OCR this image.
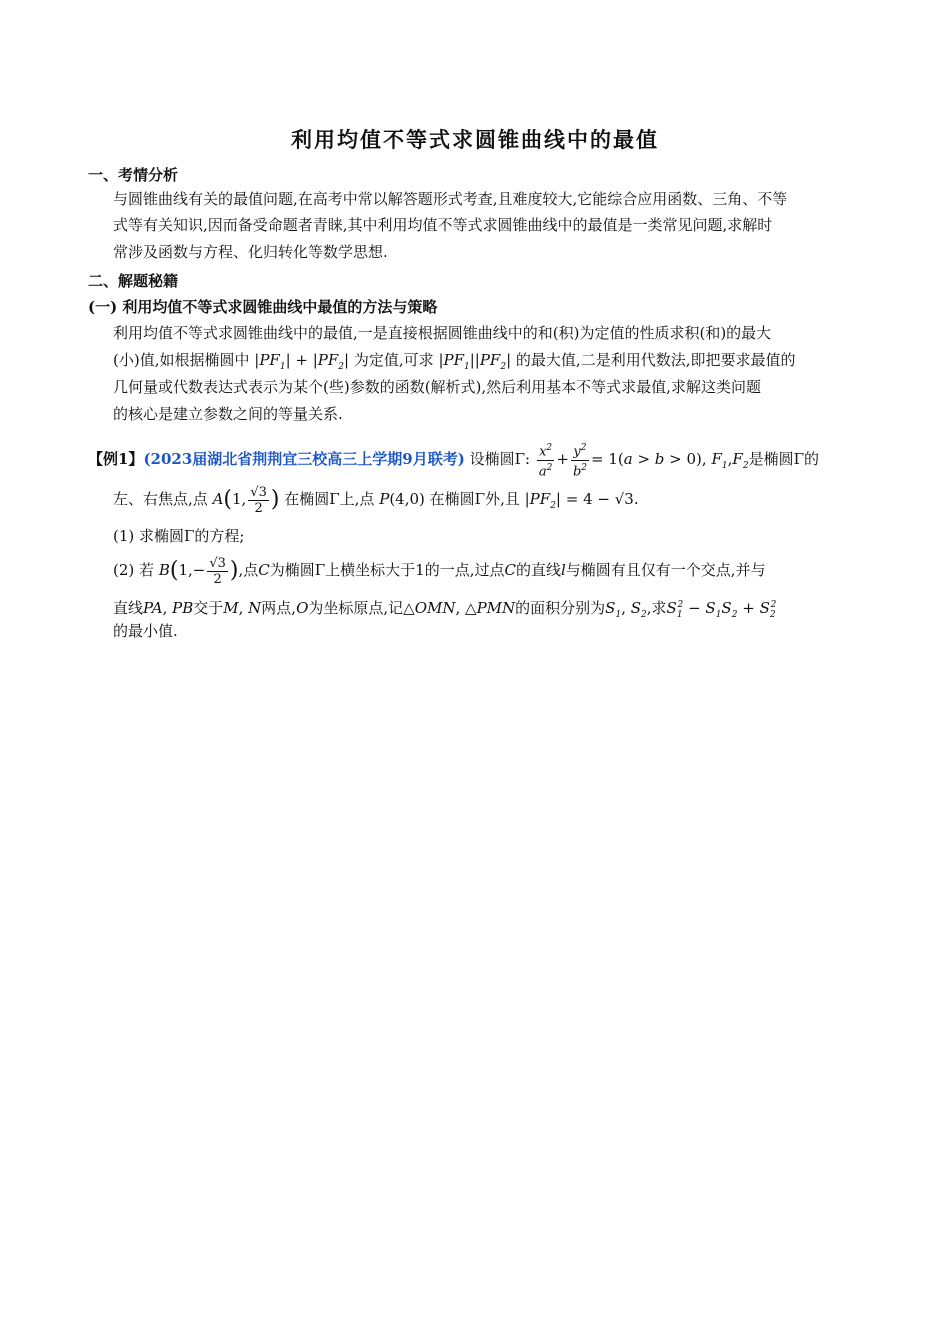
利用均值不等式求圆锥曲线中的最值
一、考情分析
与圆锥曲线有关的最值问题,在高考中常以解答题形式考查,且难度较大,它能综合应用函数、三角、不等
式等有关知识,因而备受命题者青睐,其中利用均值不等式求圆锥曲线中的最值是一类常见问题,求解时
常涉及函数与方程、化归转化等数学思想.
二、解题秘籍
(一) 利用均值不等式求圆锥曲线中最值的方法与策略
利用均值不等式求圆锥曲线中的最值,一是直接根据圆锥曲线中的和(积)为定值的性质求积(和)的最大
(小)值,如根据椭圆中 $|PF_1| + |PF_2|$ 为定值,可求 $|PF_1||PF_2|$ 的最大值,二是利用代数法,即把要求最值的
几何量或代数表达式表示为某个(些)参数的函数(解析式),然后利用基本不等式求最值,求解这类问题
的核心是建立参数之间的等量关系.
【例1】(2023届湖北省荆荆宜三校高三上学期9月联考) 设椭圆Γ: $\frac{x^2}{a^2} + \frac{y^2}{b^2} = 1(a > b > 0)$, $F_1,F_2$是椭圆Γ的
左、右焦点,点 A(1, $\frac{√3}{2}$ ) 在椭圆Γ上,点 P(4,0) 在椭圆Γ外,且 $|PF_2| = 4 - √3$.
(1) 求椭圆Γ的方程;
(2) 若 $B(1,- \frac{√3}{2}$ ),点C为椭圆Γ上横坐标大于1的一点,过点C的直线l与椭圆有且仅有一个交点,并与
直线PA, PB交于M, N两点,O为坐标原点,记△OMN, △PMN的面积分别为$S_1$, $S_2$,求$S_1^2 - S_1S_2 + S_2^2$
的最小值.
